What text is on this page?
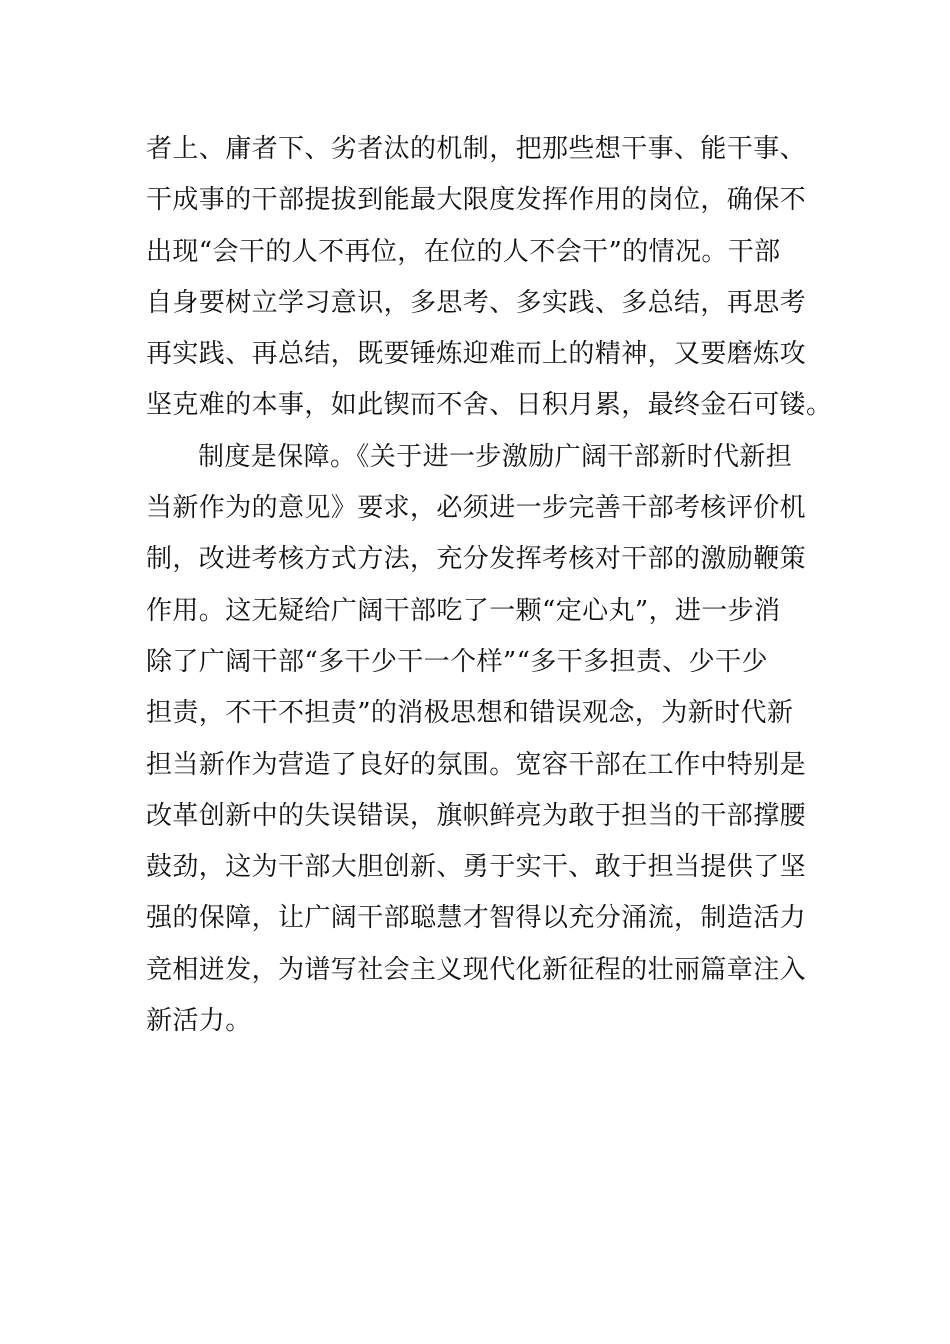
者上、庸者下、劣者汰的机制，把那些想干事、能干事、
干成事的干部提拔到能最大限度发挥作用的岗位，确保不
出现“会干的人不再位，在位的人不会干”的情况。干部
自身要树立学习意识，多思考、多实践、多总结，再思考
再实践、再总结，既要锤炼迎难而上的精神，又要磨炼攻
坚克难的本事，如此锲而不舍、日积月累，最终金石可镂。
制度是保障。《关于进一步激励广阔干部新时代新担
当新作为的意见》要求，必须进一步完善干部考核评价机
制，改进考核方式方法，充分发挥考核对干部的激励鞭策
作用。这无疑给广阔干部吃了一颗“定心丸”，进一步消
除了广阔干部“多干少干一个样”“多干多担责、少干少
担责，不干不担责”的消极思想和错误观念，为新时代新
担当新作为营造了良好的氛围。宽容干部在工作中特别是
改革创新中的失误错误，旗帜鲜亮为敢于担当的干部撑腰
鼓劲，这为干部大胆创新、勇于实干、敢于担当提供了坚
强的保障，让广阔干部聪慧才智得以充分涌流，制造活力
竞相迸发，为谱写社会主义现代化新征程的壮丽篇章注入
新活力。
